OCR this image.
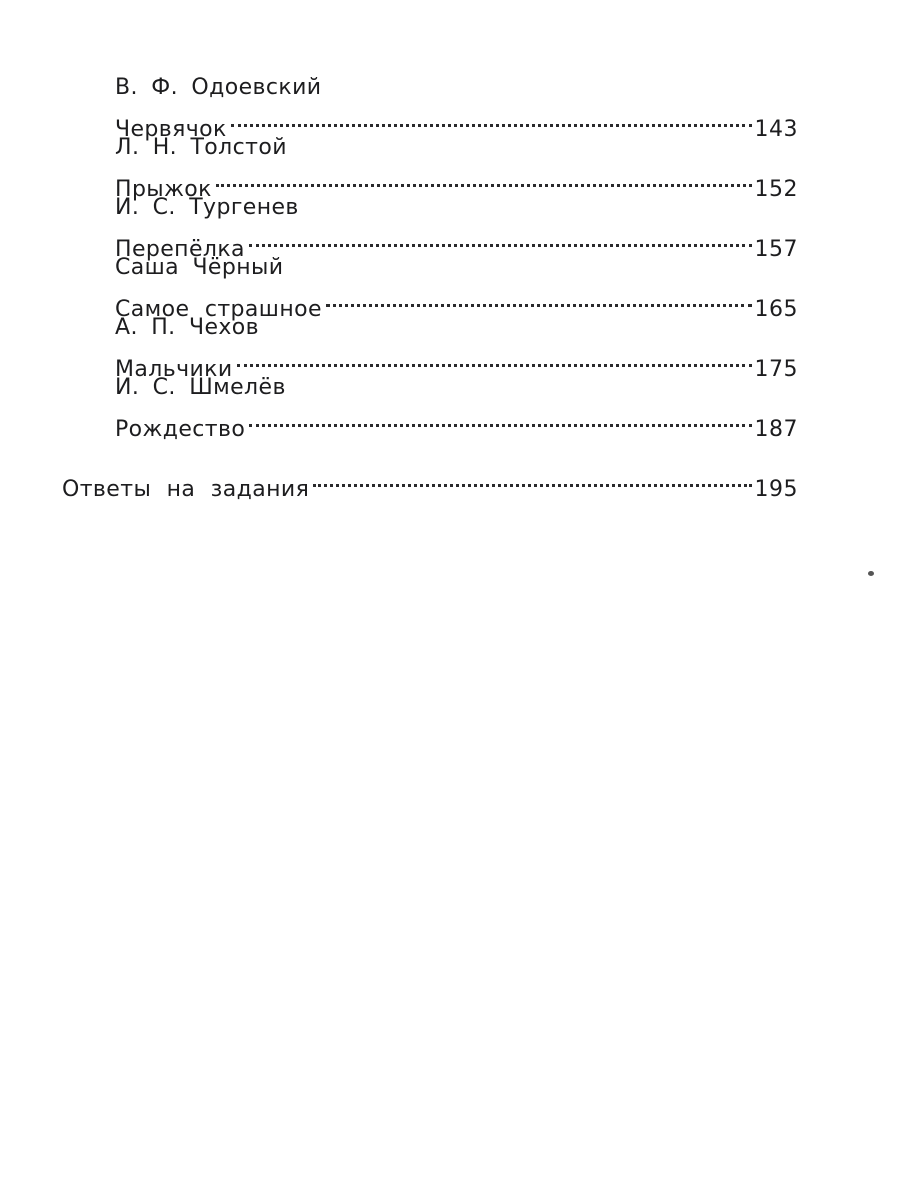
В. Ф. Одоевский
Червячок	143
Л. Н. Толстой
Прыжок	152
И. С. Тургенев
Перепёлка	157
Саша Чёрный
Самое страшное	165
А. П. Чехов
Мальчики	175
И. С. Шмелёв
Рождество	187
Ответы на задания	195
